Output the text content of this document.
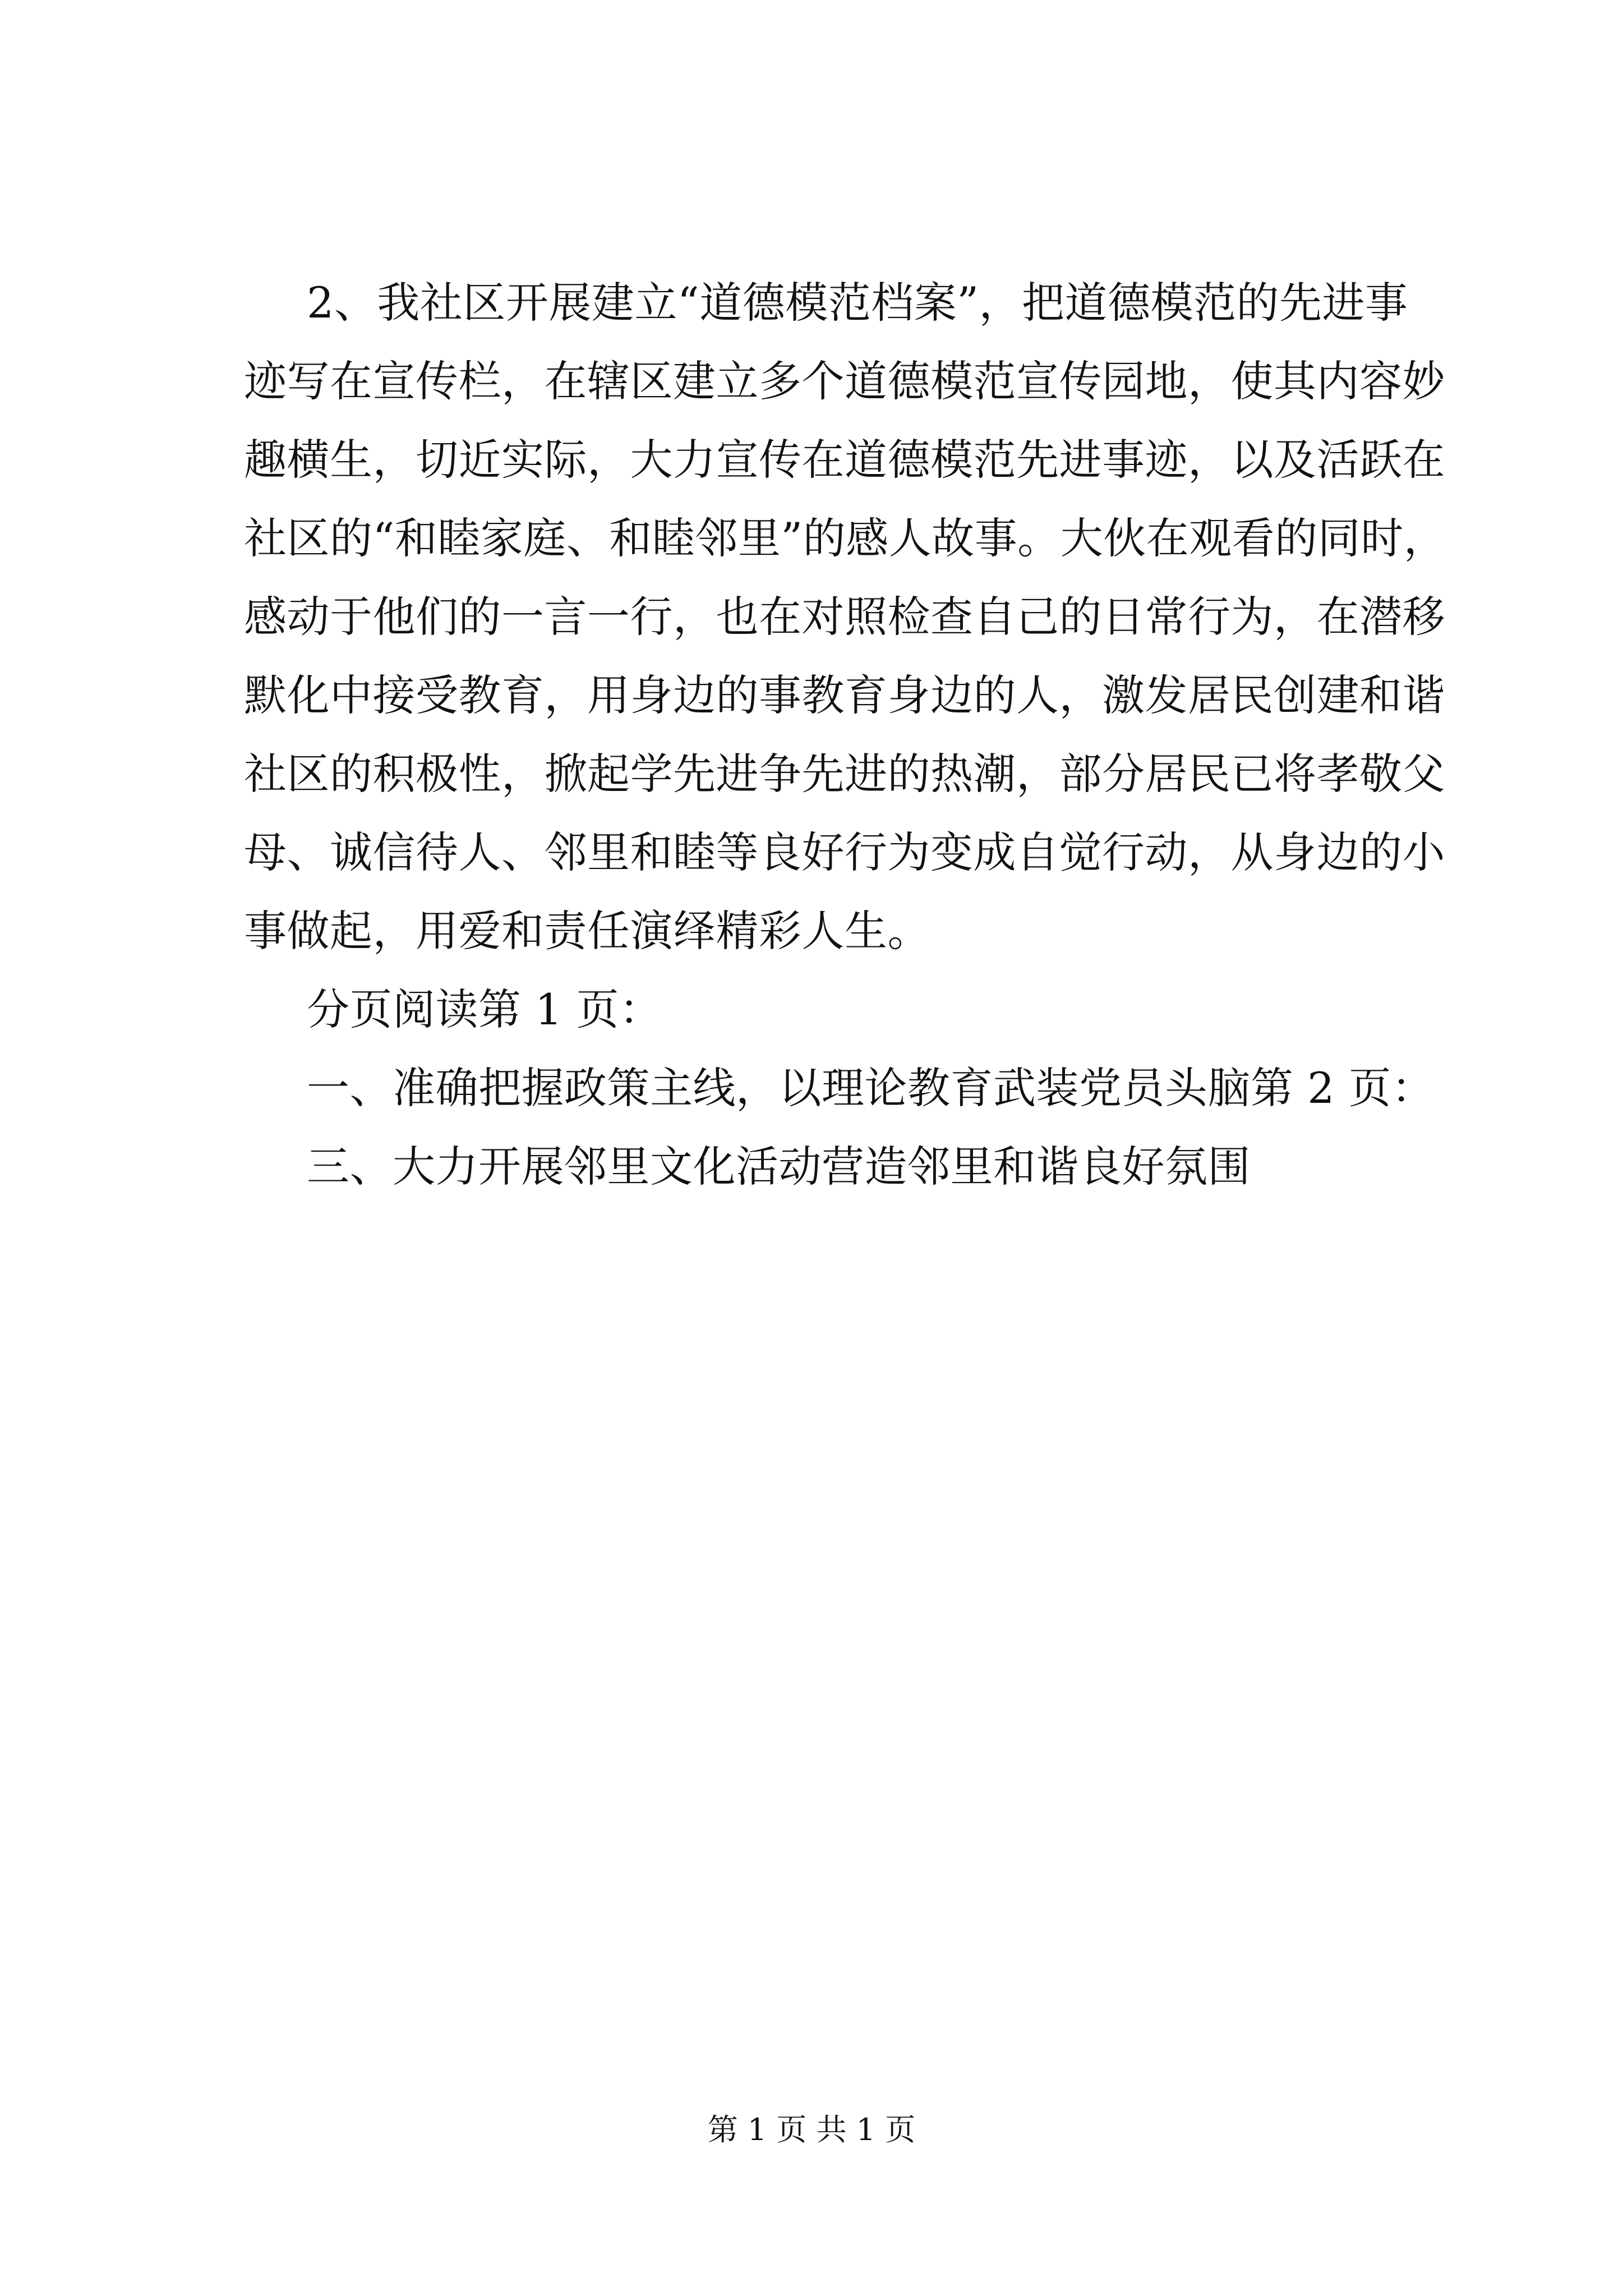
2、我社区开展建立“道德模范档案”，把道德模范的先进事
迹写在宣传栏，在辖区建立多个道德模范宣传园地，使其内容妙
趣横生，切近实际，大力宣传在道德模范先进事迹，以及活跃在
社区的“和睦家庭、和睦邻里”的感人故事。大伙在观看的同时，
感动于他们的一言一行，也在对照检查自己的日常行为，在潜移
默化中接受教育，用身边的事教育身边的人，激发居民创建和谐
社区的积极性，掀起学先进争先进的热潮，部分居民已将孝敬父
母、诚信待人、邻里和睦等良好行为变成自觉行动，从身边的小
事做起，用爱和责任演绎精彩人生。

分页阅读第 1 页：

一、准确把握政策主线，以理论教育武装党员头脑第 2 页：

三、大力开展邻里文化活动营造邻里和谐良好氛围

第 1 页 共 1 页
